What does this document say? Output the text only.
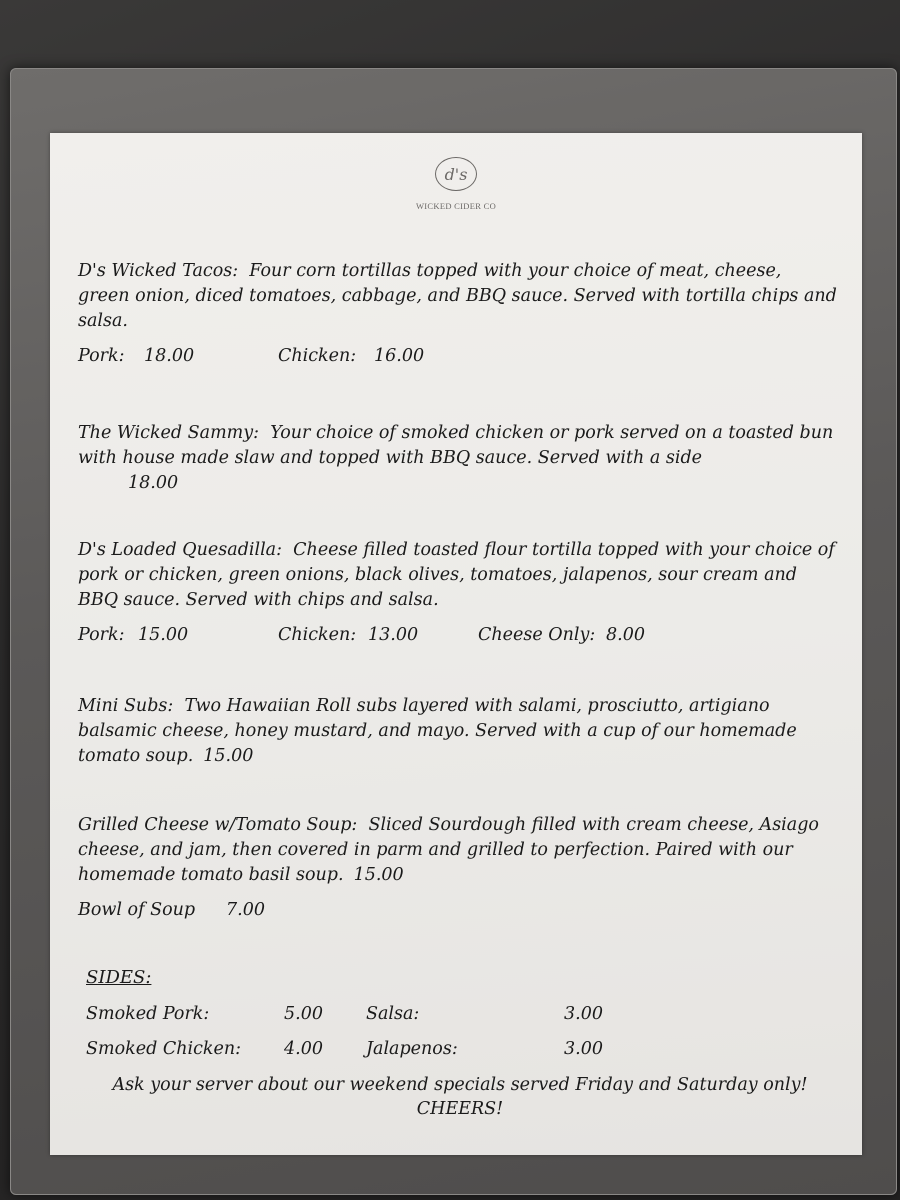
d's
WICKED CIDER CO

D's Wicked Tacos: Four corn tortillas topped with your choice of meat, cheese, green onion, diced tomatoes, cabbage, and BBQ sauce. Served with tortilla chips and salsa.

Pork: 18.00	Chicken: 16.00

The Wicked Sammy: Your choice of smoked chicken or pork served on a toasted bun with house made slaw and topped with BBQ sauce. Served with a side

18.00

D's Loaded Quesadilla: Cheese filled toasted flour tortilla topped with your choice of pork or chicken, green onions, black olives, tomatoes, jalapenos, sour cream and BBQ sauce. Served with chips and salsa.

Pork: 15.00	Chicken: 13.00	Cheese Only: 8.00

Mini Subs: Two Hawaiian Roll subs layered with salami, prosciutto, artigiano balsamic cheese, honey mustard, and mayo. Served with a cup of our homemade tomato soup. 15.00

Grilled Cheese w/Tomato Soup: Sliced Sourdough filled with cream cheese, Asiago cheese, and jam, then covered in parm and grilled to perfection. Paired with our homemade tomato basil soup. 15.00

Bowl of Soup 7.00
SIDES:
Smoked Pork:	5.00 Salsa:	3.00
Smoked Chicken: 4.00 Jalapenos:	3.00
Ask your server about our weekend specials served Friday and Saturday only!
CHEERS!
